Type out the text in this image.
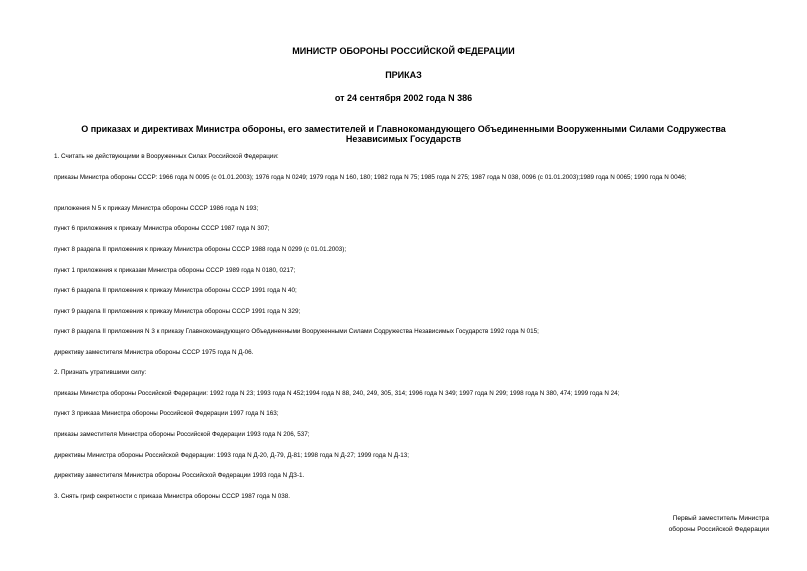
МИНИСТР ОБОРОНЫ РОССИЙСКОЙ ФЕДЕРАЦИИ
ПРИКАЗ
от 24 сентября 2002 года N 386
О приказах и директивах Министра обороны, его заместителей и Главнокомандующего Объединенными Вооруженными Силами Содружества Независимых Государств
1. Считать не действующими в Вооруженных Силах Российской Федерации:
приказы Министра обороны СССР: 1966 года N 0095 (с 01.01.2003); 1976 года N 0249; 1979 года N 160, 180; 1982 года N 75; 1985 года N 275; 1987 года N 038, 0096 (с 01.01.2003);1989 года N 0065; 1990 года N 0046;
приложения N 5 к приказу Министра обороны СССР 1986 года N 193;
пункт 6 приложения к приказу Министра обороны СССР 1987 года N 307;
пункт 8 раздела II приложения к приказу Министра обороны СССР 1988 года N 0299 (с 01.01.2003);
пункт 1 приложения к приказам Министра обороны СССР 1989 года N 0180, 0217;
пункт 6 раздела II приложения к приказу Министра обороны СССР 1991 года N 40;
пункт 9 раздела II приложения к приказу Министра обороны СССР 1991 года N 329;
пункт 8 раздела II приложения N 3 к приказу Главнокомандующего Объединенными Вооруженными Силами Содружества Независимых Государств 1992 года N 015;
директиву заместителя Министра обороны СССР 1975 года N Д-06.
2. Признать утратившими силу:
приказы Министра обороны Российской Федерации: 1992 года N 23; 1993 года N 452;1994 года N 88, 240, 249, 305, 314; 1996 года N 349; 1997 года N 299; 1998 года N 380, 474; 1999 года N 24;
пункт 3 приказа Министра обороны Российской Федерации 1997 года N 163;
приказы заместителя Министра обороны Российской Федерации 1993 года N 206, 537;
директивы Министра обороны Российской Федерации: 1993 года N Д-20, Д-79, Д-81; 1998 года N Д-27; 1999 года N Д-13;
директиву заместителя Министра обороны Российской Федерации 1993 года N ДЗ-1.
3. Снять гриф секретности с приказа Министра обороны СССР 1987 года N 038.
Первый заместитель Министра
обороны Российской Федерации
